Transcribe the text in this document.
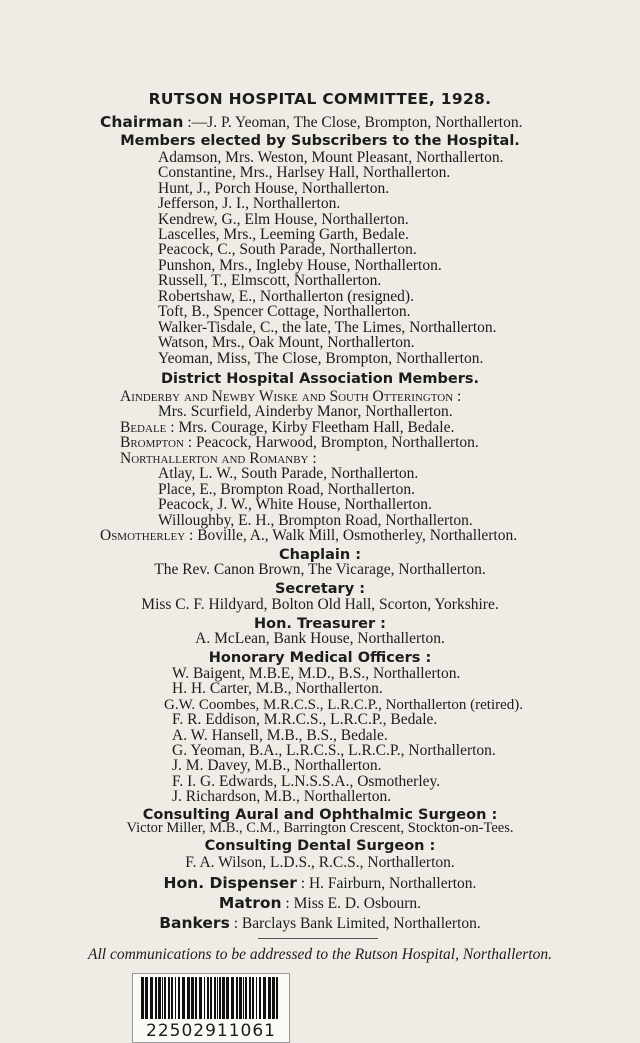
RUTSON HOSPITAL COMMITTEE, 1928.
Chairman :—J. P. Yeoman, The Close, Brompton, Northallerton.
Members elected by Subscribers to the Hospital.
Adamson, Mrs. Weston, Mount Pleasant, Northallerton.
Constantine, Mrs., Harlsey Hall, Northallerton.
Hunt, J., Porch House, Northallerton.
Jefferson, J. I., Northallerton.
Kendrew, G., Elm House, Northallerton.
Lascelles, Mrs., Leeming Garth, Bedale.
Peacock, C., South Parade, Northallerton.
Punshon, Mrs., Ingleby House, Northallerton.
Russell, T., Elmscott, Northallerton.
Robertshaw, E., Northallerton (resigned).
Toft, B., Spencer Cottage, Northallerton.
Walker-Tisdale, C., the late, The Limes, Northallerton.
Watson, Mrs., Oak Mount, Northallerton.
Yeoman, Miss, The Close, Brompton, Northallerton.
District Hospital Association Members.
Ainderby and Newby Wiske and South Otterington :
Mrs. Scurfield, Ainderby Manor, Northallerton.
Bedale : Mrs. Courage, Kirby Fleetham Hall, Bedale.
Brompton : Peacock, Harwood, Brompton, Northallerton.
Northallerton and Romanby :
Atlay, L. W., South Parade, Northallerton.
Place, E., Brompton Road, Northallerton.
Peacock, J. W., White House, Northallerton.
Willoughby, E. H., Brompton Road, Northallerton.
Osmotherley : Boville, A., Walk Mill, Osmotherley, Northallerton.
Chaplain :
The Rev. Canon Brown, The Vicarage, Northallerton.
Secretary :
Miss C. F. Hildyard, Bolton Old Hall, Scorton, Yorkshire.
Hon. Treasurer :
A. McLean, Bank House, Northallerton.
Honorary Medical Officers :
W. Baigent, M.B.E, M.D., B.S., Northallerton.
H. H. Carter, M.B., Northallerton.
G.W. Coombes, M.R.C.S., L.R.C.P., Northallerton (retired).
F. R. Eddison, M.R.C.S., L.R.C.P., Bedale.
A. W. Hansell, M.B., B.S., Bedale.
G. Yeoman, B.A., L.R.C.S., L.R.C.P., Northallerton.
J. M. Davey, M.B., Northallerton.
F. I. G. Edwards, L.N.S.S.A., Osmotherley.
J. Richardson, M.B., Northallerton.
All communications to be addressed to the Rutson Hospital, Northallerton.
22502911061
Consulting Aural and Ophthalmic Surgeon :
Victor Miller, M.B., C.M., Barrington Crescent, Stockton-on-Tees.
Consulting Dental Surgeon :
F. A. Wilson, L.D.S., R.C.S., Northallerton.
Hon. Dispenser : H. Fairburn, Northallerton.
Matron : Miss E. D. Osbourn.
Bankers : Barclays Bank Limited, Northallerton.
